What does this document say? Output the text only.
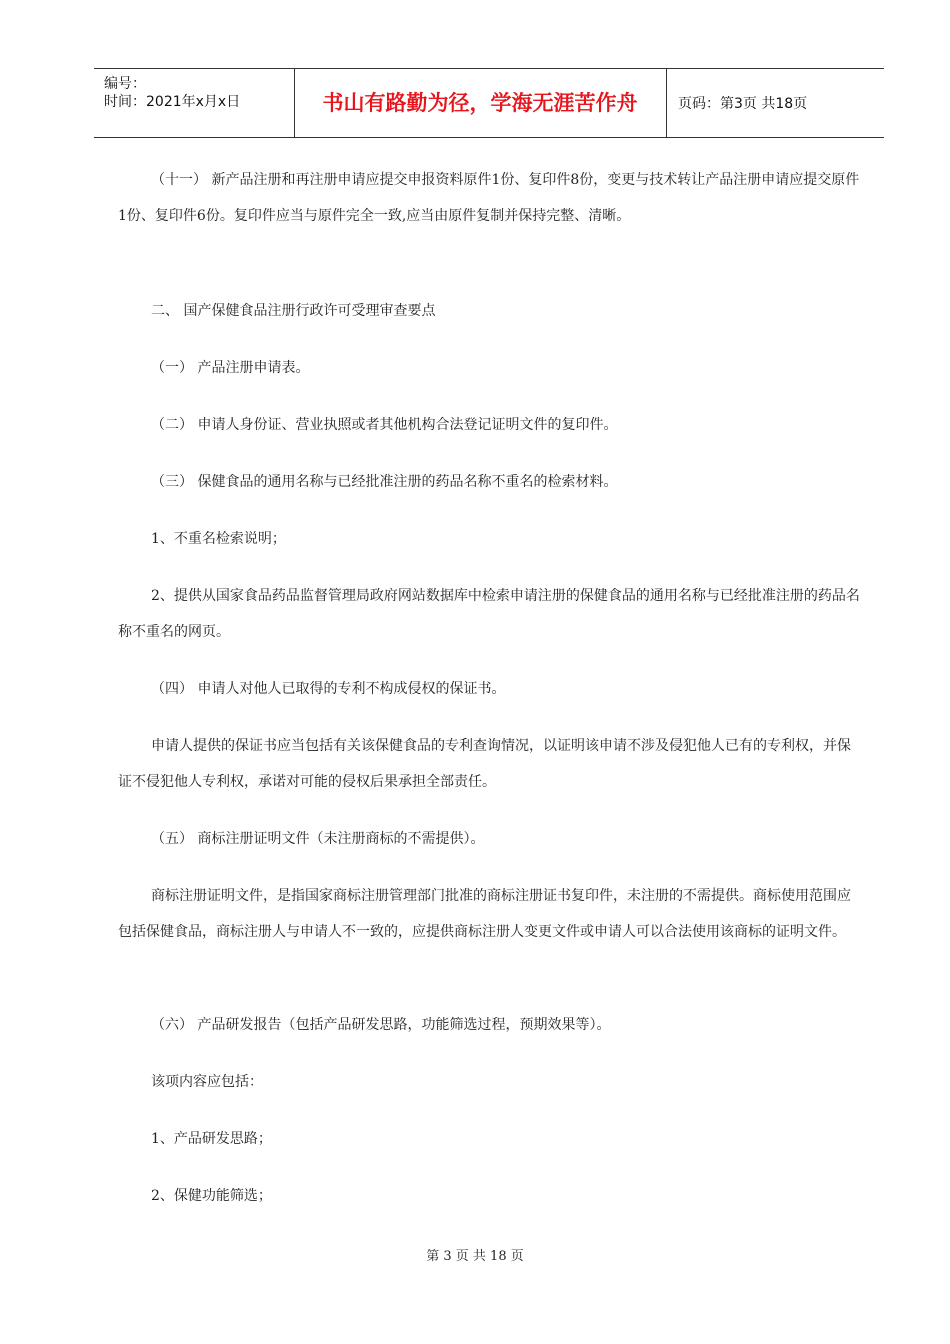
编号：
时间：2021年x月x日	书山有路勤为径，学海无涯苦作舟	页码：第3页 共18页
（十一） 新产品注册和再注册申请应提交申报资料原件1份、复印件8份，变更与技术转让产品注册申请应提交原件1份、复印件6份。复印件应当与原件完全一致,应当由原件复制并保持完整、清晰。
二、 国产保健食品注册行政许可受理审查要点
（一） 产品注册申请表。
（二） 申请人身份证、营业执照或者其他机构合法登记证明文件的复印件。
（三） 保健食品的通用名称与已经批准注册的药品名称不重名的检索材料。
1、不重名检索说明；
2、提供从国家食品药品监督管理局政府网站数据库中检索申请注册的保健食品的通用名称与已经批准注册的药品名称不重名的网页。
（四） 申请人对他人已取得的专利不构成侵权的保证书。
申请人提供的保证书应当包括有关该保健食品的专利查询情况，以证明该申请不涉及侵犯他人已有的专利权，并保证不侵犯他人专利权，承诺对可能的侵权后果承担全部责任。
（五） 商标注册证明文件（未注册商标的不需提供）。
商标注册证明文件，是指国家商标注册管理部门批准的商标注册证书复印件，未注册的不需提供。商标使用范围应包括保健食品，商标注册人与申请人不一致的，应提供商标注册人变更文件或申请人可以合法使用该商标的证明文件。
（六） 产品研发报告（包括产品研发思路，功能筛选过程，预期效果等）。
该项内容应包括：
1、产品研发思路；
2、保健功能筛选；
第 3 页 共 18 页
